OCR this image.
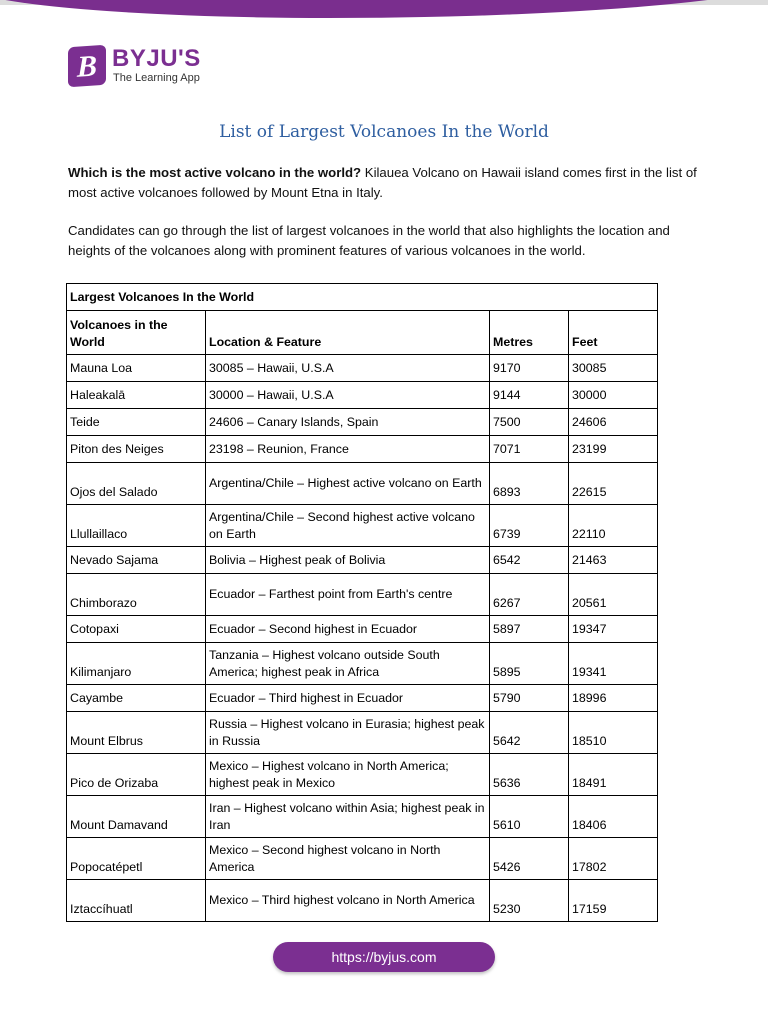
B BYJU'S
The Learning App
List of Largest Volcanoes In the World
Which is the most active volcano in the world? Kilauea Volcano on Hawaii island comes first in the list of most active volcanoes followed by Mount Etna in Italy.
Candidates can go through the list of largest volcanoes in the world that also highlights the location and heights of the volcanoes along with prominent features of various volcanoes in the world.
Largest Volcanoes In the World			
Volcanoes in the World	Location & Feature	Metres	Feet
Mauna Loa	30085 – Hawaii, U.S.A	9170	30085
Haleakalā	30000 – Hawaii, U.S.A	9144	30000
Teide	24606 – Canary Islands, Spain	7500	24606
Piton des Neiges	23198 – Reunion, France	7071	23199
Ojos del Salado	Argentina/Chile – Highest active volcano on Earth	6893	22615
Llullaillaco	Argentina/Chile – Second highest active volcano on Earth	6739	22110
Nevado Sajama	Bolivia – Highest peak of Bolivia	6542	21463
Chimborazo	Ecuador – Farthest point from Earth's centre	6267	20561
Cotopaxi	Ecuador – Second highest in Ecuador	5897	19347
Kilimanjaro	Tanzania – Highest volcano outside South America; highest peak in Africa	5895	19341
Cayambe	Ecuador – Third highest in Ecuador	5790	18996
Mount Elbrus	Russia – Highest volcano in Eurasia; highest peak in Russia	5642	18510
Pico de Orizaba	Mexico – Highest volcano in North America; highest peak in Mexico	5636	18491
Mount Damavand	Iran – Highest volcano within Asia; highest peak in Iran	5610	18406
Popocatépetl	Mexico – Second highest volcano in North America	5426	17802
Iztaccíhuatl	Mexico – Third highest volcano in North America	5230	17159
https://byjus.com
